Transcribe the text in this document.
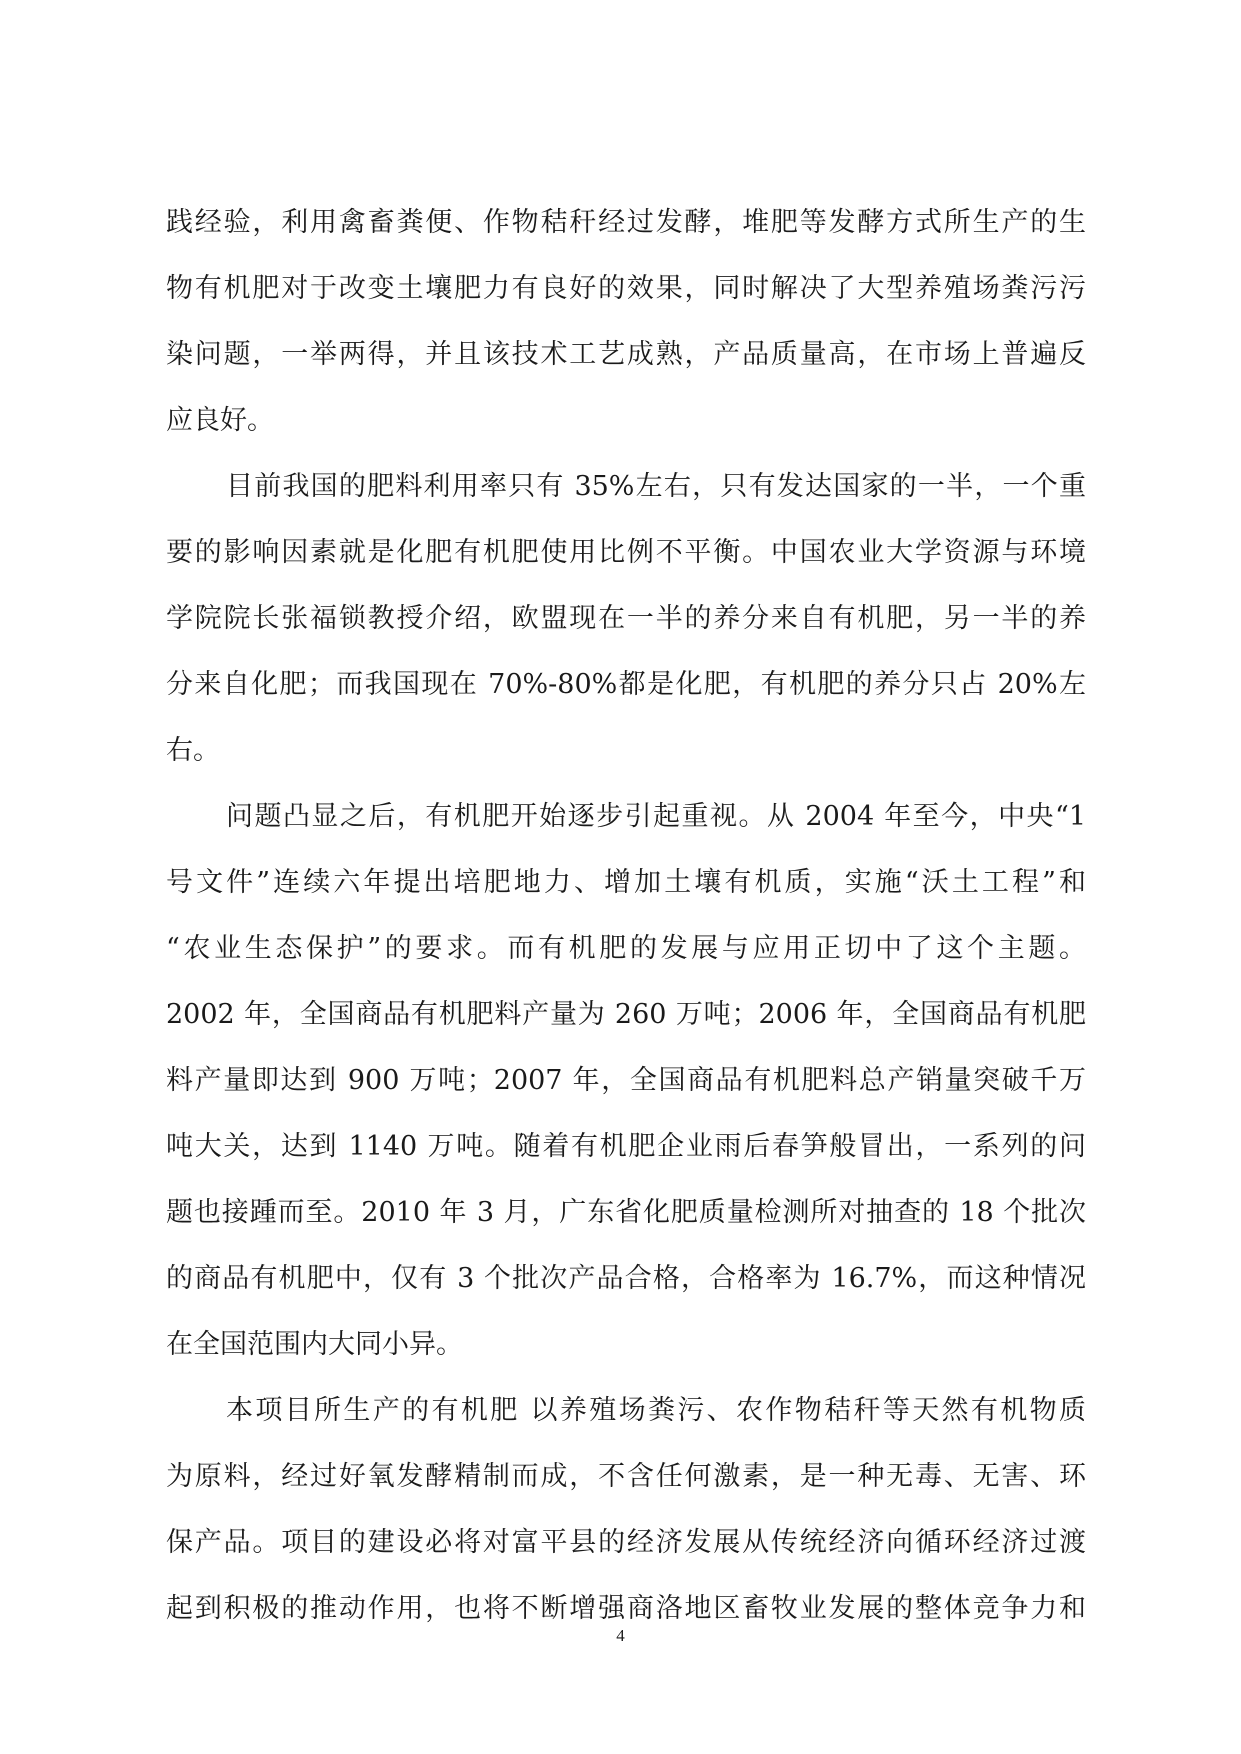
践经验，利用禽畜粪便、作物秸秆经过发酵，堆肥等发酵方式所生产的生
物有机肥对于改变土壤肥力有良好的效果，同时解决了大型养殖场粪污污
染问题，一举两得，并且该技术工艺成熟，产品质量高，在市场上普遍反
应良好。
目前我国的肥料利用率只有 35%左右，只有发达国家的一半，一个重
要的影响因素就是化肥有机肥使用比例不平衡。中国农业大学资源与环境
学院院长张福锁教授介绍，欧盟现在一半的养分来自有机肥，另一半的养
分来自化肥；而我国现在 70%-80%都是化肥，有机肥的养分只占 20%左
右。
问题凸显之后，有机肥开始逐步引起重视。从 2004 年至今，中央“1
号文件”连续六年提出培肥地力、增加土壤有机质，实施“沃土工程”和
“农业生态保护”的要求。而有机肥的发展与应用正切中了这个主题。
2002 年，全国商品有机肥料产量为 260 万吨；2006 年，全国商品有机肥
料产量即达到 900 万吨；2007 年，全国商品有机肥料总产销量突破千万
吨大关，达到 1140 万吨。随着有机肥企业雨后春笋般冒出，一系列的问
题也接踵而至。2010 年 3 月，广东省化肥质量检测所对抽查的 18 个批次
的商品有机肥中，仅有 3 个批次产品合格，合格率为 16.7%，而这种情况
在全国范围内大同小异。
本项目所生产的有机肥 以养殖场粪污、农作物秸秆等天然有机物质
为原料，经过好氧发酵精制而成，不含任何激素，是一种无毒、无害、环
保产品。项目的建设必将对富平县的经济发展从传统经济向循环经济过渡
起到积极的推动作用，也将不断增强商洛地区畜牧业发展的整体竞争力和
4
